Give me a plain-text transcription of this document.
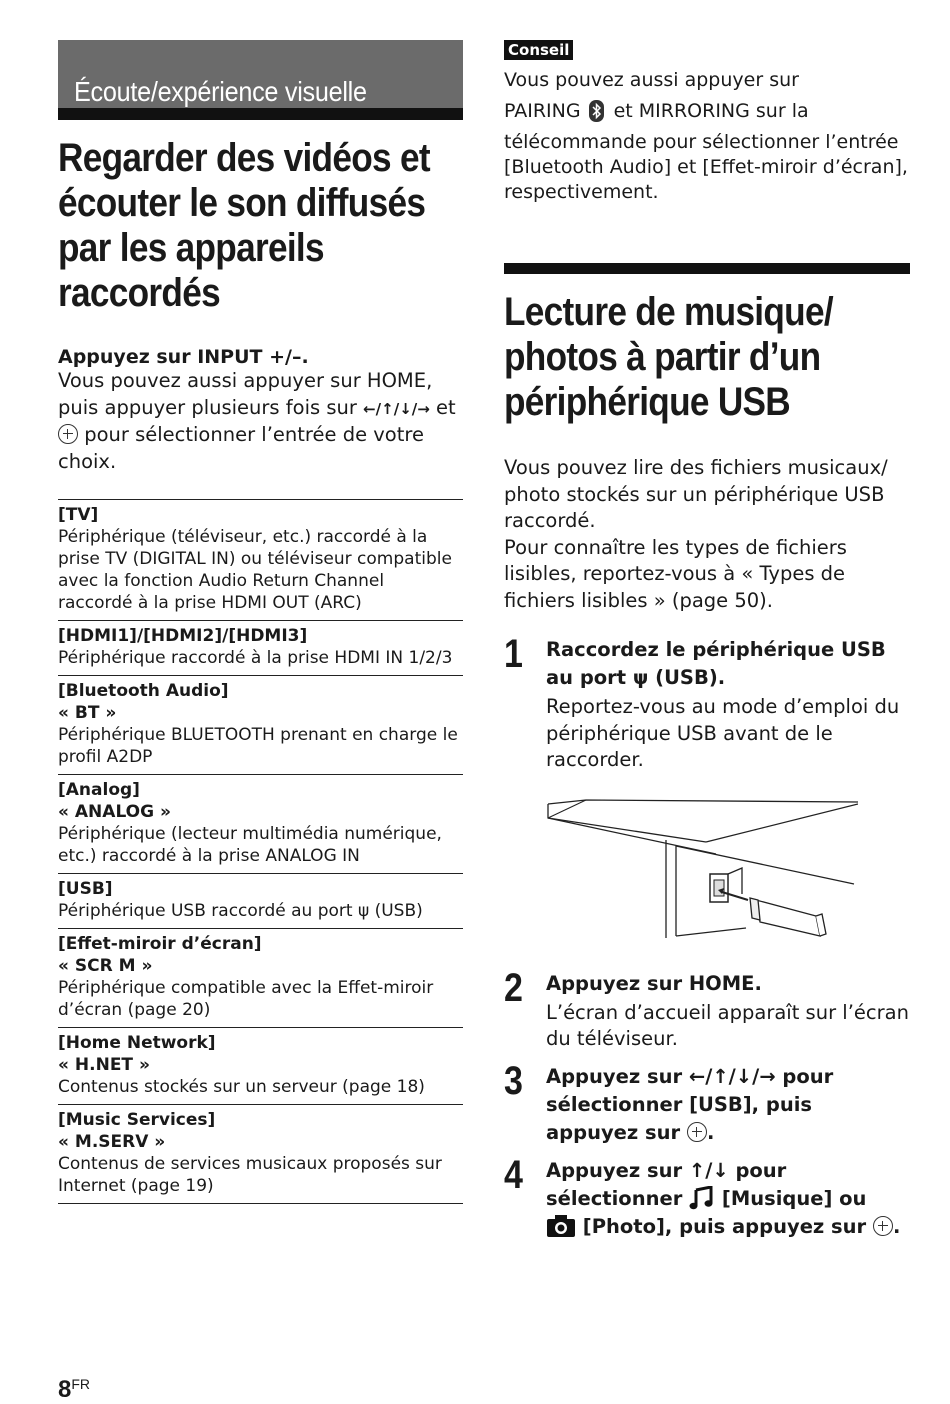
Écoute/expérience visuelle
Regarder des vidéos et écouter le son diffusés par les appareils raccordés
Appuyez sur INPUT +/–.
Vous pouvez aussi appuyer sur HOME, puis appuyer plusieurs fois sur ←/↑/↓/→ et  pour sélectionner l’entrée de votre choix.
[TV]
Périphérique (téléviseur, etc.) raccordé à la prise TV (DIGITAL IN) ou téléviseur compatible avec la fonction Audio Return Channel raccordé à la prise HDMI OUT (ARC)
[HDMI1]/[HDMI2]/[HDMI3]
Périphérique raccordé à la prise HDMI IN 1/2/3
[Bluetooth Audio]
« BT »
Périphérique BLUETOOTH prenant en charge le profil A2DP
[Analog]
« ANALOG »
Périphérique (lecteur multimédia numérique, etc.) raccordé à la prise ANALOG IN
[USB]
Périphérique USB raccordé au port ψ (USB)
[Effet-miroir d’écran]
« SCR M »
Périphérique compatible avec la Effet-miroir d’écran (page 20)
[Home Network]
« H.NET »
Contenus stockés sur un serveur (page 18)
[Music Services]
« M.SERV »
Contenus de services musicaux proposés sur Internet (page 19)
Conseil
Vous pouvez aussi appuyer sur
PAIRING et MIRRORING sur la
télécommande pour sélectionner l’entrée [Bluetooth Audio] et [Effet-miroir d’écran], respectivement.
Lecture de musique/ photos à partir d’un périphérique USB
Vous pouvez lire des fichiers musicaux/ photo stockés sur un périphérique USB raccordé.
Pour connaître les types de fichiers lisibles, reportez-vous à « Types de fichiers lisibles » (page 50).
1 Raccordez le périphérique USB au port ψ (USB).
Reportez-vous au mode d’emploi du périphérique USB avant de le raccorder.
2 Appuyez sur HOME.
L’écran d’accueil apparaît sur l’écran du téléviseur.
3 Appuyez sur ←/↑/↓/→ pour sélectionner [USB], puis appuyez sur .
4 Appuyez sur ↑/↓ pour sélectionner [Musique] ou
[Photo], puis appuyez sur .
$8^{FR}$
